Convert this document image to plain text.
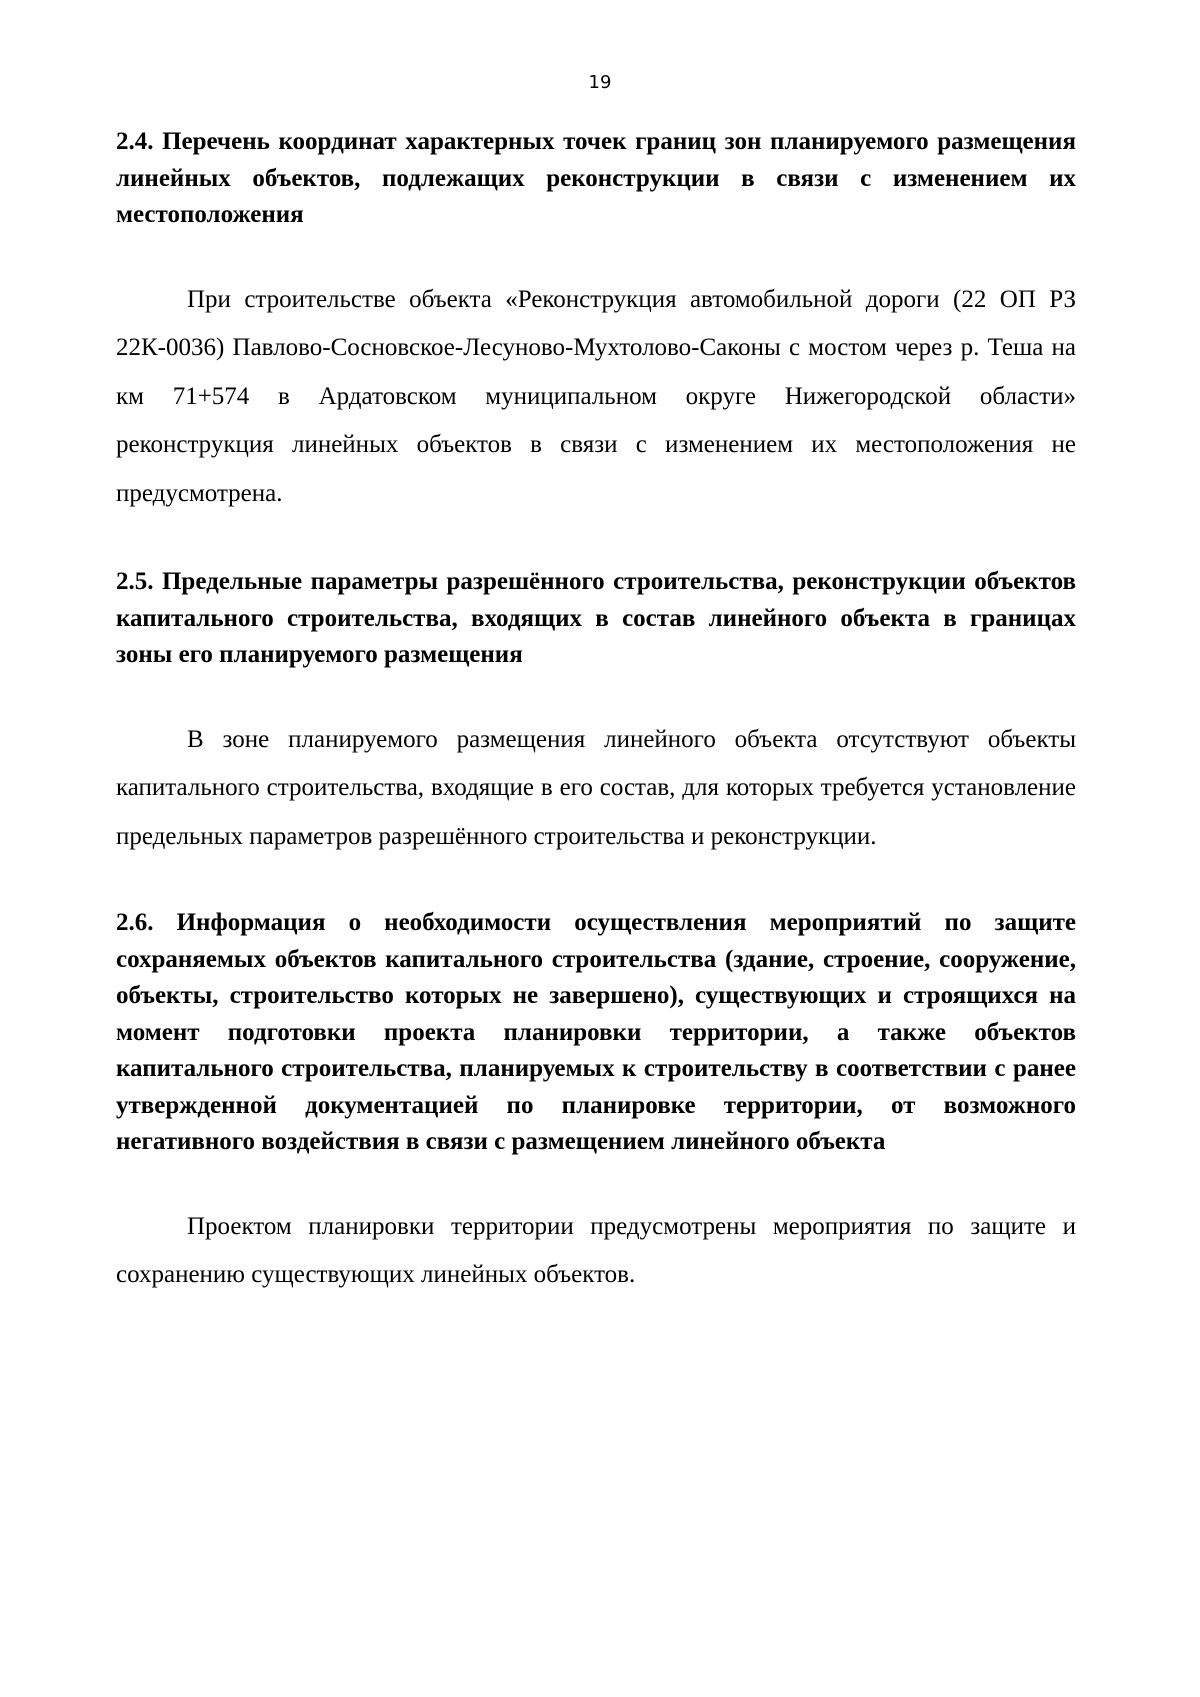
19
2.4. Перечень координат характерных точек границ зон планируемого размещения линейных объектов, подлежащих реконструкции в связи с изменением их местоположения

При строительстве объекта «Реконструкция автомобильной дороги (22 ОП РЗ 22К-0036) Павлово-Сосновское-Лесуново-Мухтолово-Саконы с мостом через р. Теша на км 71+574 в Ардатовском муниципальном округе Нижегородской области» реконструкция линейных объектов в связи с изменением их местоположения не предусмотрена.

2.5. Предельные параметры разрешённого строительства, реконструкции объектов капитального строительства, входящих в состав линейного объекта в границах зоны его планируемого размещения

В зоне планируемого размещения линейного объекта отсутствуют объекты капитального строительства, входящие в его состав, для которых требуется установление предельных параметров разрешённого строительства и реконструкции.

2.6. Информация о необходимости осуществления мероприятий по защите сохраняемых объектов капитального строительства (здание, строение, сооружение, объекты, строительство которых не завершено), существующих и строящихся на момент подготовки проекта планировки территории, а также объектов капитального строительства, планируемых к строительству в соответствии с ранее утвержденной документацией по планировке территории, от возможного негативного воздействия в связи с размещением линейного объекта

Проектом планировки территории предусмотрены мероприятия по защите и сохранению существующих линейных объектов.
